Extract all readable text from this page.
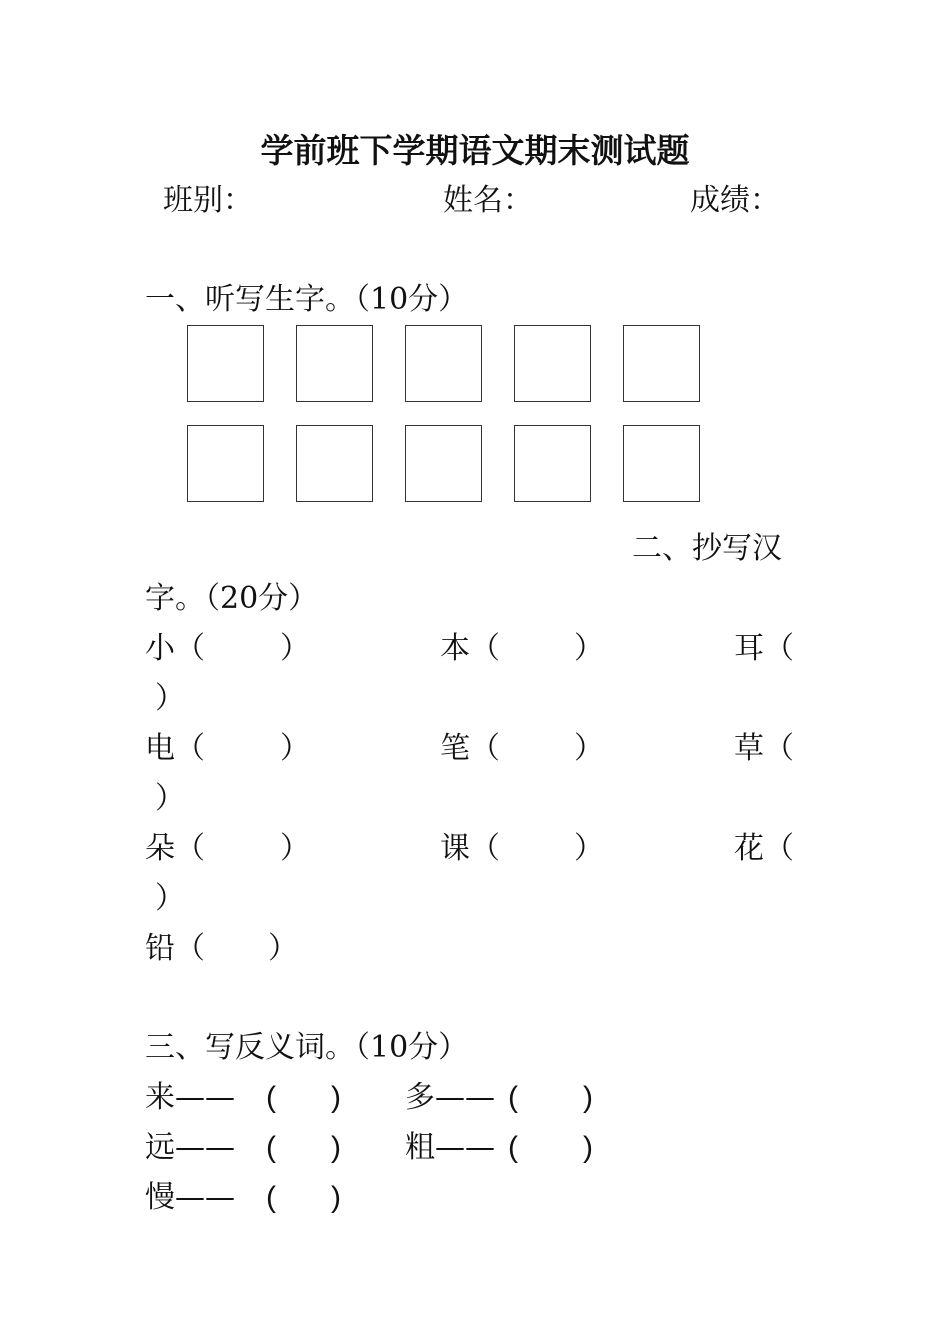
学前班下学期语文期末测试题
班别：	姓名：	成绩：
一、听写生字。（10分）
二、抄写汉
字。（20分）
小（	）	本（ ）	耳（
）
电（	）	笔（ ）	草（
）
朵（	）	课（ ）	花（
）
铅（ ）
三、写反义词。（10分）
来—— ( ) 多—— ( )
远—— ( ) 粗—— ( )
慢—— ( )
